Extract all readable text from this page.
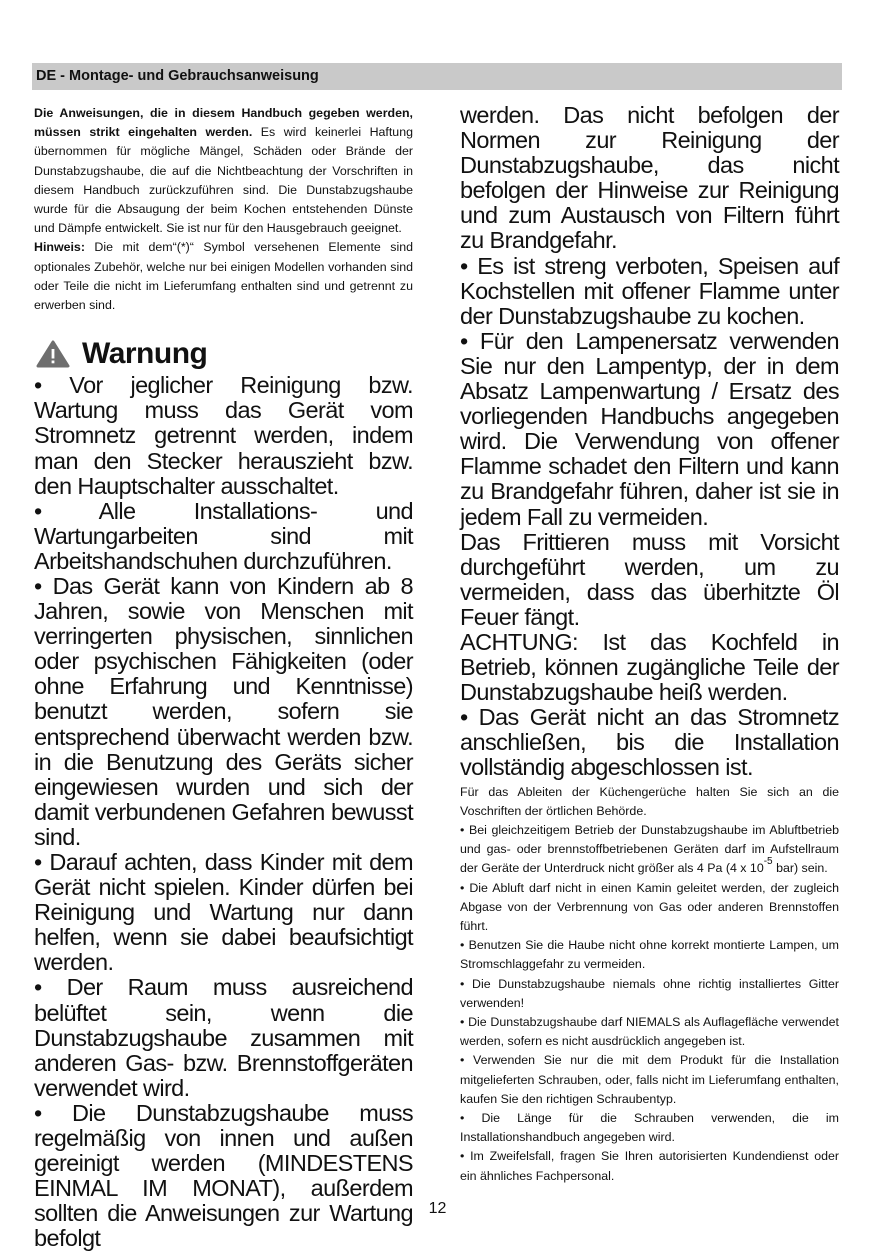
DE - Montage- und Gebrauchsanweisung

Die Anweisungen, die in diesem Handbuch gegeben werden, müssen strikt eingehalten werden. Es wird keinerlei Haftung übernommen für mögliche Mängel, Schäden oder Brände der Dunstabzugshaube, die auf die Nichtbeachtung der Vorschriften in diesem Handbuch zurückzuführen sind. Die Dunstabzugshaube wurde für die Absaugung der beim Kochen entstehenden Dünste und Dämpfe entwickelt. Sie ist nur für den Hausgebrauch geeignet.

Hinweis: Die mit dem“(*)“ Symbol versehenen Elemente sind optionales Zubehör, welche nur bei einigen Modellen vorhanden sind oder Teile die nicht im Lieferumfang enthalten sind und getrennt zu erwerben sind.

Warnung

• Vor jeglicher Reinigung bzw. Wartung muss das Gerät vom Stromnetz getrennt werden, indem man den Stecker herauszieht bzw. den Hauptschalter ausschaltet.

• Alle Installations- und Wartungarbeiten sind mit Arbeitshandschuhen durchzuführen.

• Das Gerät kann von Kindern ab 8 Jahren, sowie von Menschen mit verringerten physischen, sinnlichen oder psychischen Fähigkeiten (oder ohne Erfahrung und Kenntnisse) benutzt werden, sofern sie entsprechend überwacht werden bzw. in die Benutzung des Geräts sicher eingewiesen wurden und sich der damit verbundenen Gefahren bewusst sind.

• Darauf achten, dass Kinder mit dem Gerät nicht spielen. Kinder dürfen bei Reinigung und Wartung nur dann helfen, wenn sie dabei beaufsichtigt werden.

• Der Raum muss ausreichend belüftet sein, wenn die Dunstabzugshaube zusammen mit anderen Gas- bzw. Brennstoffgeräten verwendet wird.

• Die Dunstabzugshaube muss regelmäßig von innen und außen gereinigt werden (MINDESTENS EINMAL IM MONAT), außerdem sollten die Anweisungen zur Wartung befolgt

werden. Das nicht befolgen der Normen zur Reinigung der Dunstabzugshaube, das nicht befolgen der Hinweise zur Reinigung und zum Austausch von Filtern führt zu Brandgefahr.

• Es ist streng verboten, Speisen auf Kochstellen mit offener Flamme unter der Dunstabzugshaube zu kochen.

• Für den Lampenersatz verwenden Sie nur den Lampentyp, der in dem Absatz Lampenwartung / Ersatz des vorliegenden Handbuchs angegeben wird. Die Verwendung von offener Flamme schadet den Filtern und kann zu Brandgefahr führen, daher ist sie in jedem Fall zu vermeiden.

Das Frittieren muss mit Vorsicht durchgeführt werden, um zu vermeiden, dass das überhitzte Öl Feuer fängt.

ACHTUNG: Ist das Kochfeld in Betrieb, können zugängliche Teile der Dunstabzugshaube heiß werden.

• Das Gerät nicht an das Stromnetz anschließen, bis die Installation vollständig abgeschlossen ist.

Für das Ableiten der Küchengerüche halten Sie sich an die Voschriften der örtlichen Behörde.

• Bei gleichzeitigem Betrieb der Dunstabzugshaube im Abluftbetrieb und gas- oder brennstoffbetriebenen Geräten darf im Aufstellraum der Geräte der Unterdruck nicht größer als 4 Pa (4 x $10^{-5}$ bar) sein.

• Die Abluft darf nicht in einen Kamin geleitet werden, der zugleich Abgase von der Verbrennung von Gas oder anderen Brennstoffen führt.

• Benutzen Sie die Haube nicht ohne korrekt montierte Lampen, um Stromschlaggefahr zu vermeiden.

• Die Dunstabzugshaube niemals ohne richtig installiertes Gitter verwenden!

• Die Dunstabzugshaube darf NIEMALS als Auflagefläche verwendet werden, sofern es nicht ausdrücklich angegeben ist.

• Verwenden Sie nur die mit dem Produkt für die Installation mitgelieferten Schrauben, oder, falls nicht im Lieferumfang enthalten, kaufen Sie den richtigen Schraubentyp.

• Die Länge für die Schrauben verwenden, die im Installationshandbuch angegeben wird.

• Im Zweifelsfall, fragen Sie Ihren autorisierten Kundendienst oder ein ähnliches Fachpersonal.

12
